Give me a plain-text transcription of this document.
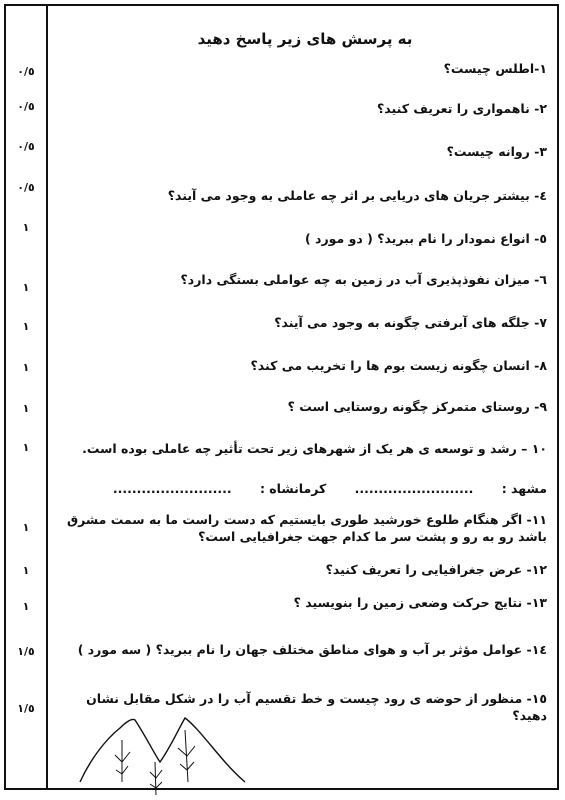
به پرسش های زیر پاسخ دهید
١-اطلس چیست؟
٠/٥
٢- ناهمواری را تعریف کنید؟
٠/٥
٣- روانه چیست؟
٠/٥
٤- بیشتر جریان های دریایی بر اثر چه عاملی به وجود می آیند؟
٠/٥
٥- انواع نمودار را نام ببرید؟ ( دو مورد )
١
٦- میزان نفوذپذیری آب در زمین به چه عواملی بستگی دارد؟
١
٧- جلگه های آبرفتی چگونه به وجود می آیند؟
١
٨- انسان چگونه زیست بوم ها را تخریب می کند؟
١
٩- روستای متمرکز چگونه روستایی است ؟
١
١٠ – رشد و توسعه ی هر یک از شهرهای زیر تحت تأثیر چه عاملی بوده است.
١
مشهد : ......................... کرمانشاه : .........................
١١- اگر هنگام طلوع خورشید طوری بایستیم که دست راست ما به سمت مشرق باشد رو به رو و پشت سر ما کدام جهت جغرافیایی است؟
١
١٢- عرض جغرافیایی را تعریف کنید؟
١
١٣- نتایج حرکت وضعی زمین را بنویسید ؟
١
١٤- عوامل مؤثر بر آب و هوای مناطق مختلف جهان را نام ببرید؟ ( سه مورد )
١/٥
١٥- منظور از حوضه ی رود چیست و خط تقسیم آب را در شکل مقابل نشان دهید؟
١/٥
